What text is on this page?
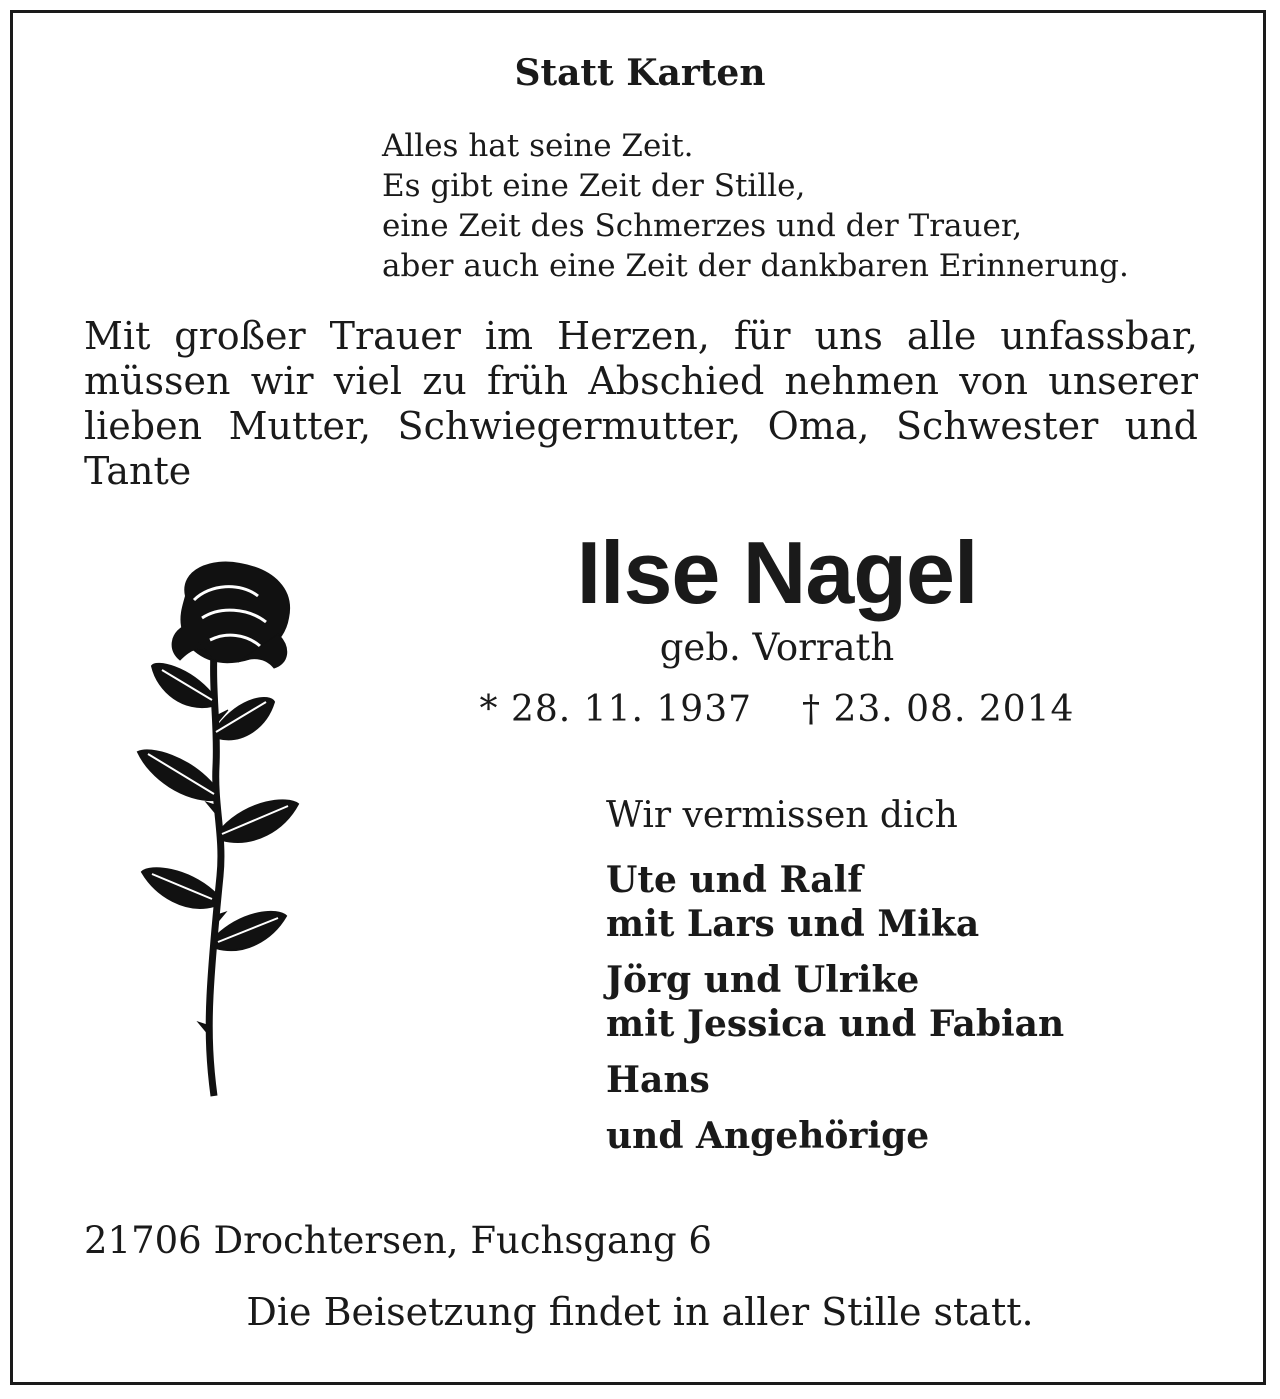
Statt Karten
Alles hat seine Zeit.
Es gibt eine Zeit der Stille,
eine Zeit des Schmerzes und der Trauer,
aber auch eine Zeit der dankbaren Erinnerung.
Mit großer Trauer im Herzen, für uns alle unfassbar, müssen wir viel zu früh Abschied nehmen von unserer lieben Mutter, Schwiegermutter, Oma, Schwester und Tante
Ilse Nagel
geb. Vorrath
* 28. 11. 1937 † 23. 08. 2014
Wir vermissen dich
Ute und Ralf
mit Lars und Mika
Jörg und Ulrike
mit Jessica und Fabian
Hans
und Angehörige
21706 Drochtersen, Fuchsgang 6
Die Beisetzung findet in aller Stille statt.
